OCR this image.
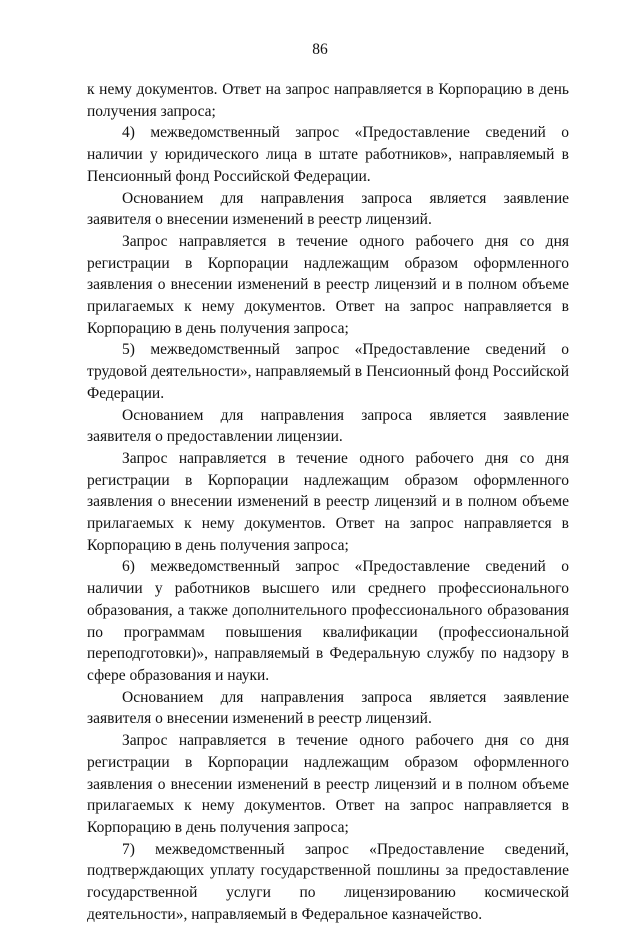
86

к нему документов. Ответ на запрос направляется в Корпорацию в день получения запроса;

4) межведомственный запрос «Предоставление сведений о наличии у юридического лица в штате работников», направляемый в Пенсионный фонд Российской Федерации.

Основанием для направления запроса является заявление заявителя о внесении изменений в реестр лицензий.

Запрос направляется в течение одного рабочего дня со дня регистрации в Корпорации надлежащим образом оформленного заявления о внесении изменений в реестр лицензий и в полном объеме прилагаемых к нему документов. Ответ на запрос направляется в Корпорацию в день получения запроса;

5) межведомственный запрос «Предоставление сведений о трудовой деятельности», направляемый в Пенсионный фонд Российской Федерации.

Основанием для направления запроса является заявление заявителя о предоставлении лицензии.

Запрос направляется в течение одного рабочего дня со дня регистрации в Корпорации надлежащим образом оформленного заявления о внесении изменений в реестр лицензий и в полном объеме прилагаемых к нему документов. Ответ на запрос направляется в Корпорацию в день получения запроса;

6) межведомственный запрос «Предоставление сведений о наличии у работников высшего или среднего профессионального образования, а также дополнительного профессионального образования по программам повышения квалификации (профессиональной переподготовки)», направляемый в Федеральную службу по надзору в сфере образования и науки.

Основанием для направления запроса является заявление заявителя о внесении изменений в реестр лицензий.

Запрос направляется в течение одного рабочего дня со дня регистрации в Корпорации надлежащим образом оформленного заявления о внесении изменений в реестр лицензий и в полном объеме прилагаемых к нему документов. Ответ на запрос направляется в Корпорацию в день получения запроса;

7) межведомственный запрос «Предоставление сведений, подтверждающих уплату государственной пошлины за предоставление государственной услуги по лицензированию космической деятельности», направляемый в Федеральное казначейство.
